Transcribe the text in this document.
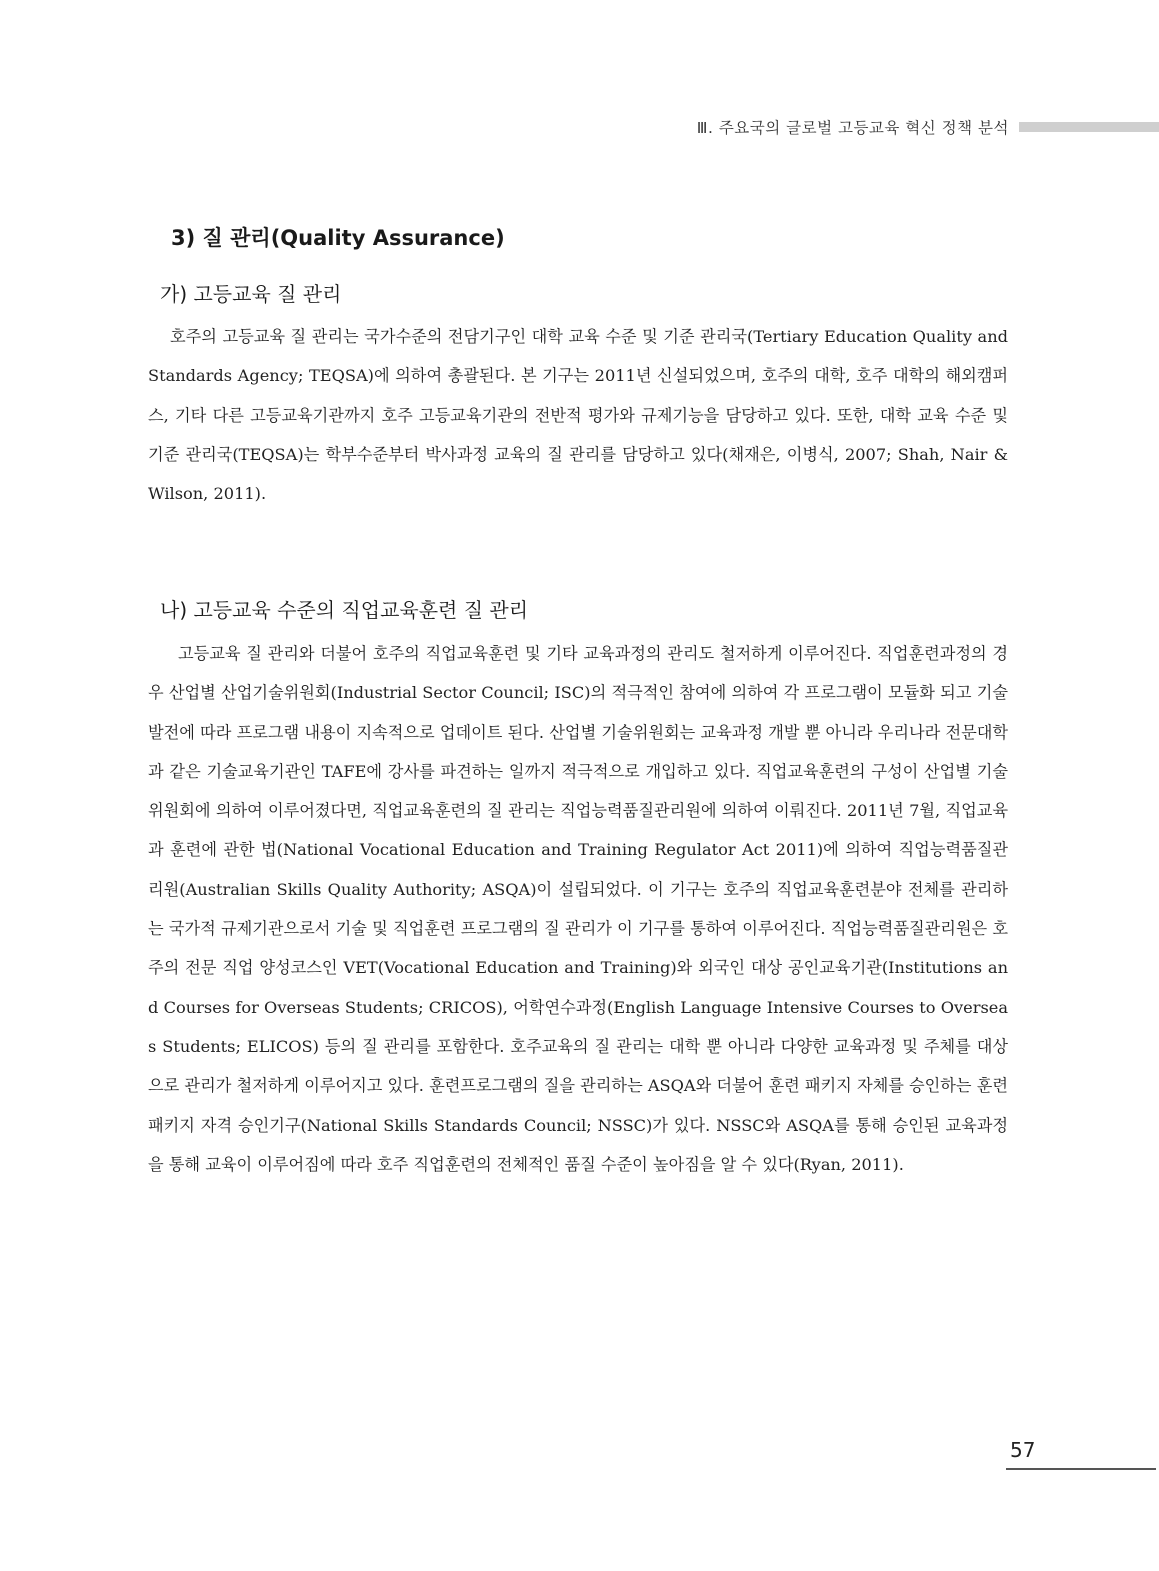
Ⅲ. 주요국의 글로벌 고등교육 혁신 정책 분석
3) 질 관리(Quality Assurance)
가) 고등교육 질 관리

호주의 고등교육 질 관리는 국가수준의 전담기구인 대학 교육 수준 및 기준 관리국(Tertiary Education Quality and Standards Agency; TEQSA)에 의하여 총괄된다. 본 기구는 2011년 신설되었으며, 호주의 대학, 호주 대학의 해외캠퍼스, 기타 다른 고등교육기관까지 호주 고등교육기관의 전반적 평가와 규제기능을 담당하고 있다. 또한, 대학 교육 수준 및 기준 관리국(TEQSA)는 학부수준부터 박사과정 교육의 질 관리를 담당하고 있다(채재은, 이병식, 2007; Shah, Nair & Wilson, 2011).

나) 고등교육 수준의 직업교육훈련 질 관리

고등교육 질 관리와 더불어 호주의 직업교육훈련 및 기타 교육과정의 관리도 철저하게 이루어진다. 직업훈련과정의 경우 산업별 산업기술위원회(Industrial Sector Council; ISC)의 적극적인 참여에 의하여 각 프로그램이 모듈화 되고 기술 발전에 따라 프로그램 내용이 지속적으로 업데이트 된다. 산업별 기술위원회는 교육과정 개발 뿐 아니라 우리나라 전문대학과 같은 기술교육기관인 TAFE에 강사를 파견하는 일까지 적극적으로 개입하고 있다. 직업교육훈련의 구성이 산업별 기술위원회에 의하여 이루어졌다면, 직업교육훈련의 질 관리는 직업능력품질관리원에 의하여 이뤄진다. 2011년 7월, 직업교육과 훈련에 관한 법(National Vocational Education and Training Regulator Act 2011)에 의하여 직업능력품질관리원(Australian Skills Quality Authority; ASQA)이 설립되었다. 이 기구는 호주의 직업교육훈련분야 전체를 관리하는 국가적 규제기관으로서 기술 및 직업훈련 프로그램의 질 관리가 이 기구를 통하여 이루어진다. 직업능력품질관리원은 호주의 전문 직업 양성코스인 VET(Vocational Education and Training)와 외국인 대상 공인교육기관(Institutions and Courses for Overseas Students; CRICOS), 어학연수과정(English Language Intensive Courses to Overseas Students; ELICOS) 등의 질 관리를 포함한다. 호주교육의 질 관리는 대학 뿐 아니라 다양한 교육과정 및 주체를 대상으로 관리가 철저하게 이루어지고 있다. 훈련프로그램의 질을 관리하는 ASQA와 더불어 훈련 패키지 자체를 승인하는 훈련패키지 자격 승인기구(National Skills Standards Council; NSSC)가 있다. NSSC와 ASQA를 통해 승인된 교육과정을 통해 교육이 이루어짐에 따라 호주 직업훈련의 전체적인 품질 수준이 높아짐을 알 수 있다(Ryan, 2011).

57
